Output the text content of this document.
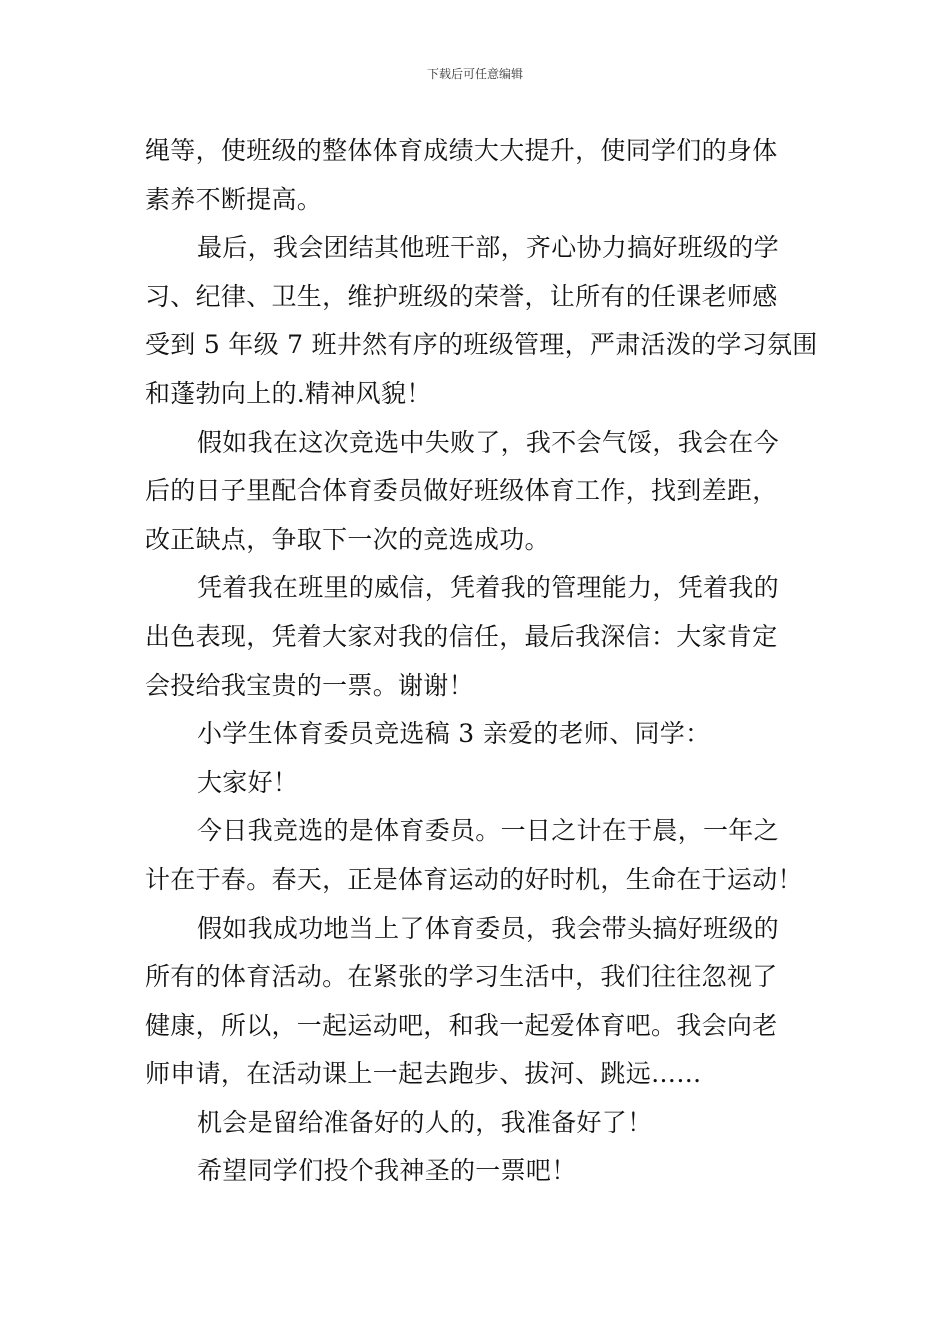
下载后可任意编辑
绳等，使班级的整体体育成绩大大提升，使同学们的身体
素养不断提高。
最后，我会团结其他班干部，齐心协力搞好班级的学
习、纪律、卫生，维护班级的荣誉，让所有的任课老师感
受到 5 年级 7 班井然有序的班级管理，严肃活泼的学习氛围
和蓬勃向上的.精神风貌！
假如我在这次竞选中失败了，我不会气馁，我会在今
后的日子里配合体育委员做好班级体育工作，找到差距，
改正缺点，争取下一次的竞选成功。
凭着我在班里的威信，凭着我的管理能力，凭着我的
出色表现，凭着大家对我的信任，最后我深信：大家肯定
会投给我宝贵的一票。谢谢！
小学生体育委员竞选稿 3 亲爱的老师、同学：
大家好！
今日我竞选的是体育委员。一日之计在于晨，一年之
计在于春。春天，正是体育运动的好时机，生命在于运动！
假如我成功地当上了体育委员，我会带头搞好班级的
所有的体育活动。在紧张的学习生活中，我们往往忽视了
健康，所以，一起运动吧，和我一起爱体育吧。我会向老
师申请，在活动课上一起去跑步、拔河、跳远……
机会是留给准备好的人的，我准备好了！
希望同学们投个我神圣的一票吧！
